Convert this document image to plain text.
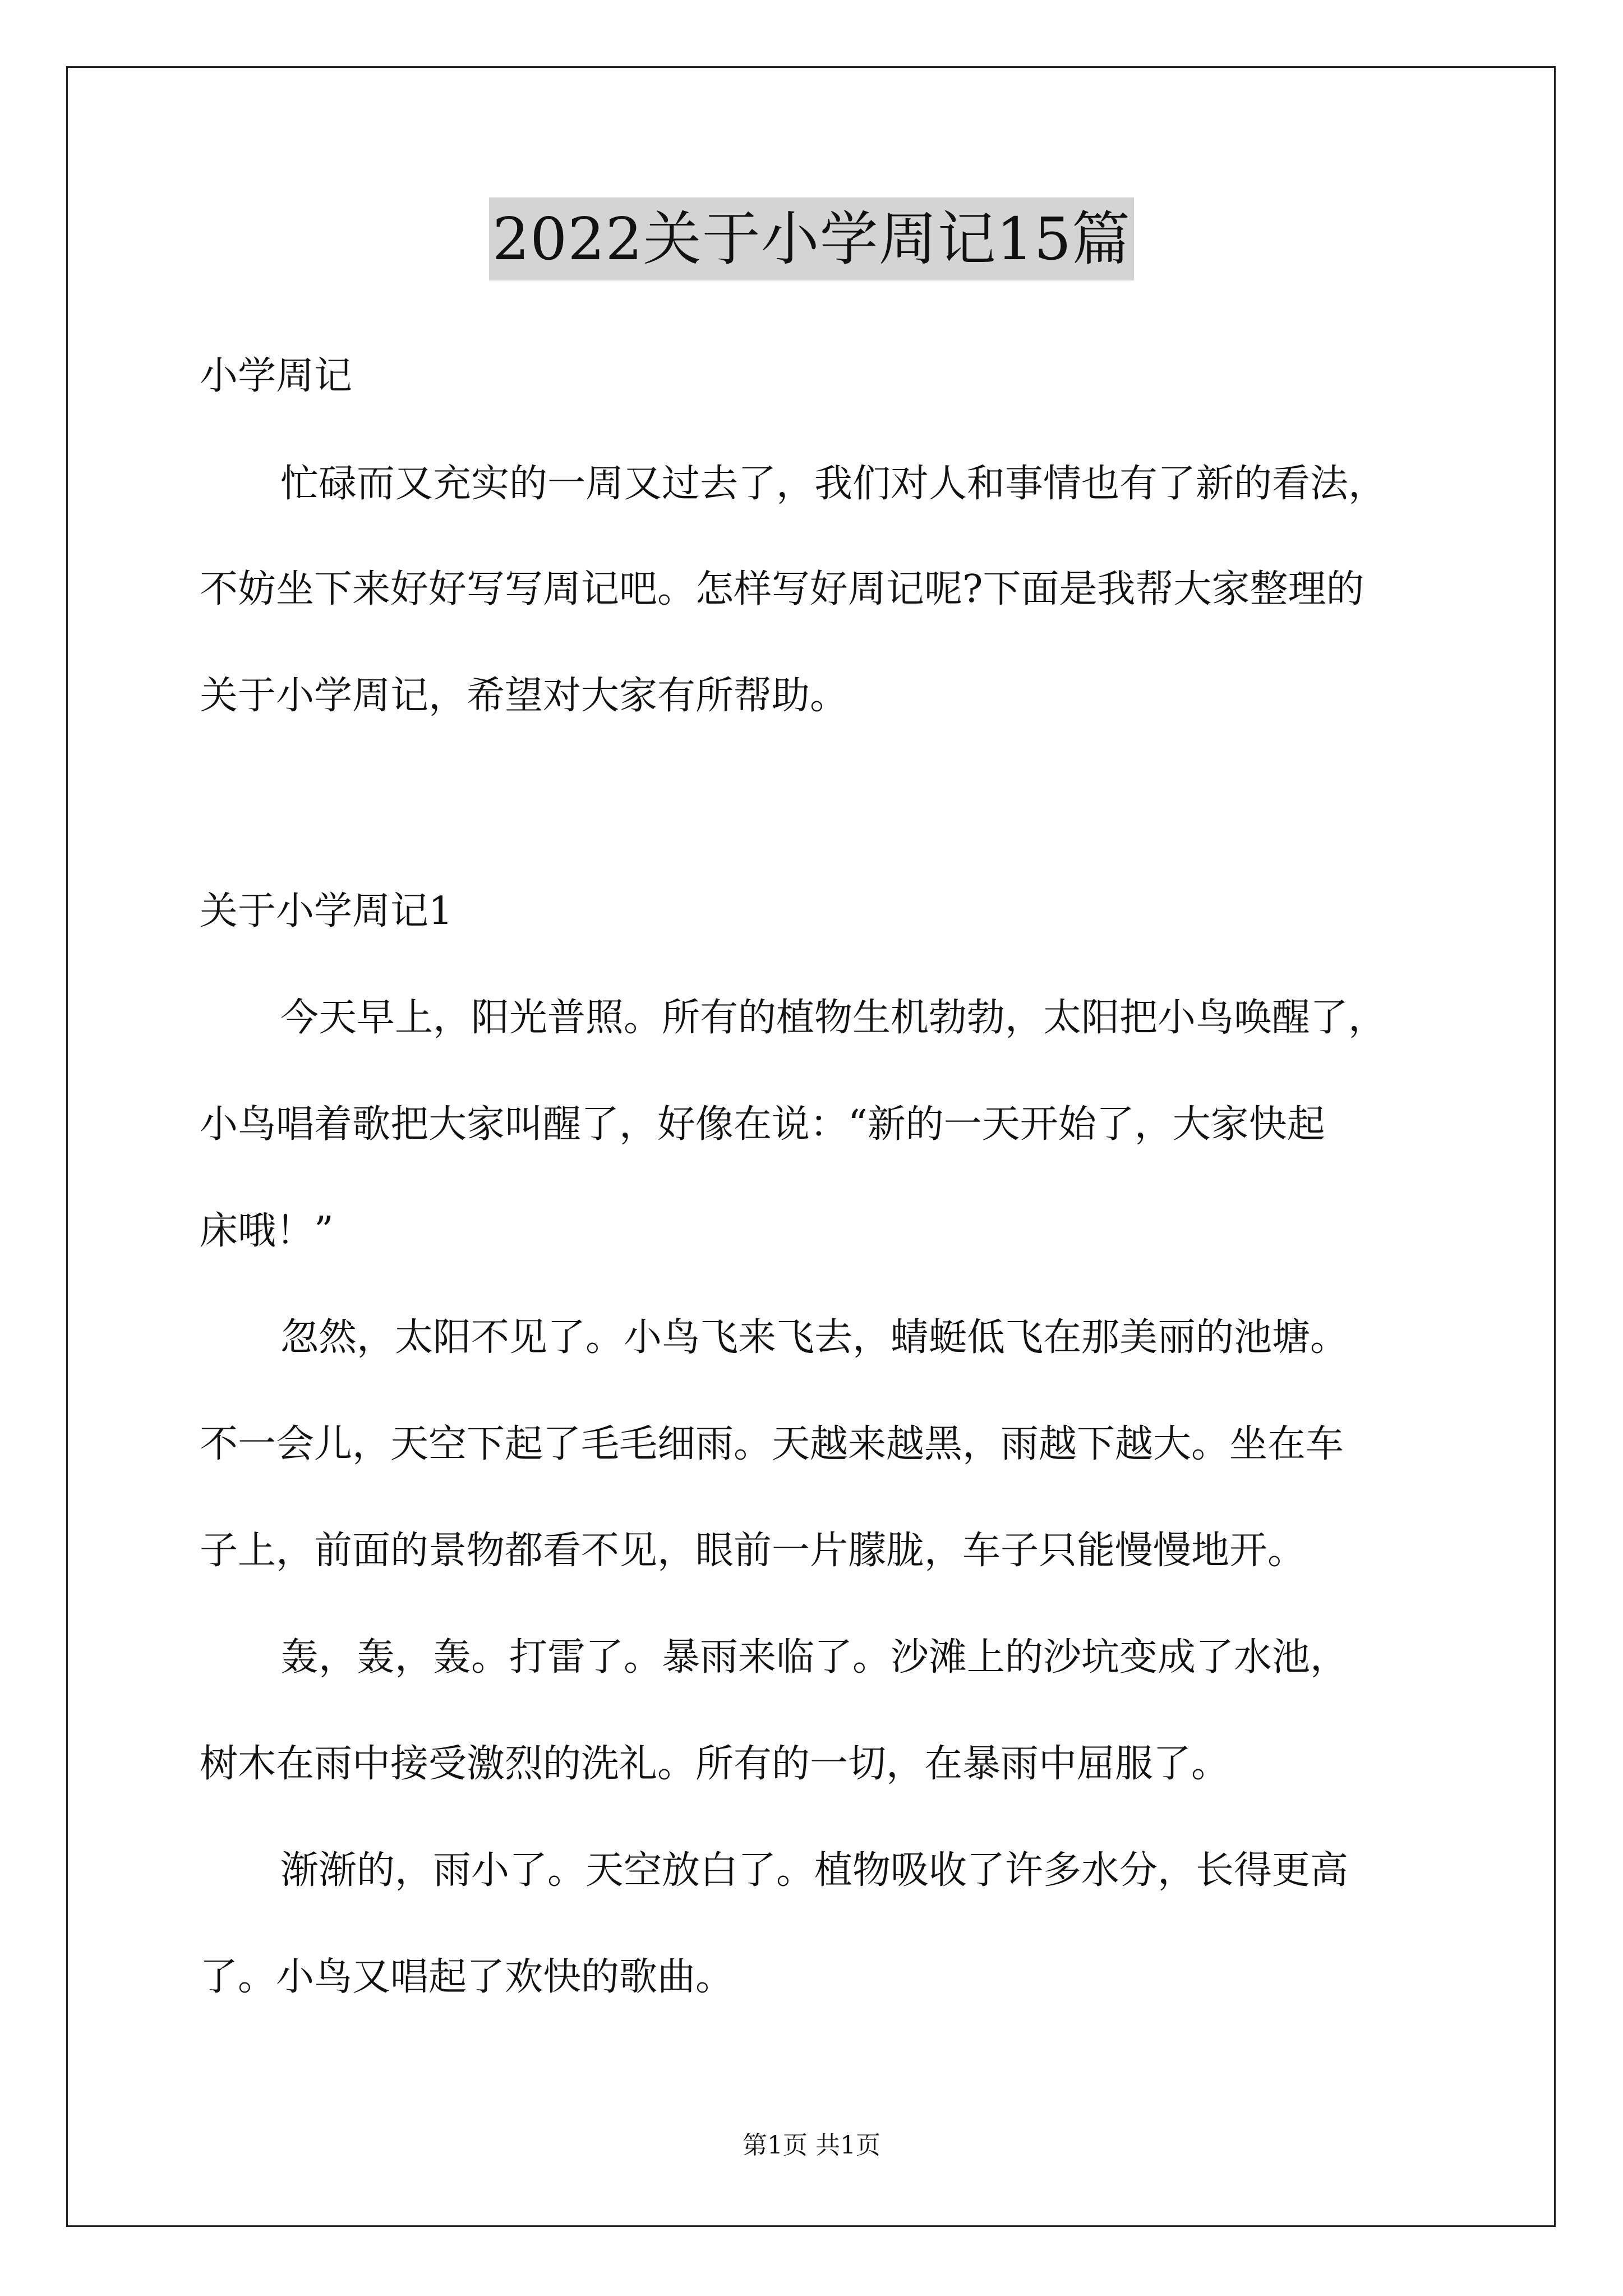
2022关于小学周记15篇
小学周记
忙碌而又充实的一周又过去了，我们对人和事情也有了新的看法，
不妨坐下来好好写写周记吧。怎样写好周记呢?下面是我帮大家整理的
关于小学周记，希望对大家有所帮助。
关于小学周记1
今天早上，阳光普照。所有的植物生机勃勃，太阳把小鸟唤醒了，
小鸟唱着歌把大家叫醒了，好像在说：“新的一天开始了，大家快起
床哦！”
忽然，太阳不见了。小鸟飞来飞去，蜻蜓低飞在那美丽的池塘。
不一会儿，天空下起了毛毛细雨。天越来越黑，雨越下越大。坐在车
子上，前面的景物都看不见，眼前一片朦胧，车子只能慢慢地开。
轰，轰，轰。打雷了。暴雨来临了。沙滩上的沙坑变成了水池，
树木在雨中接受激烈的洗礼。所有的一切，在暴雨中屈服了。
渐渐的，雨小了。天空放白了。植物吸收了许多水分，长得更高
了。小鸟又唱起了欢快的歌曲。
第1页 共1页
